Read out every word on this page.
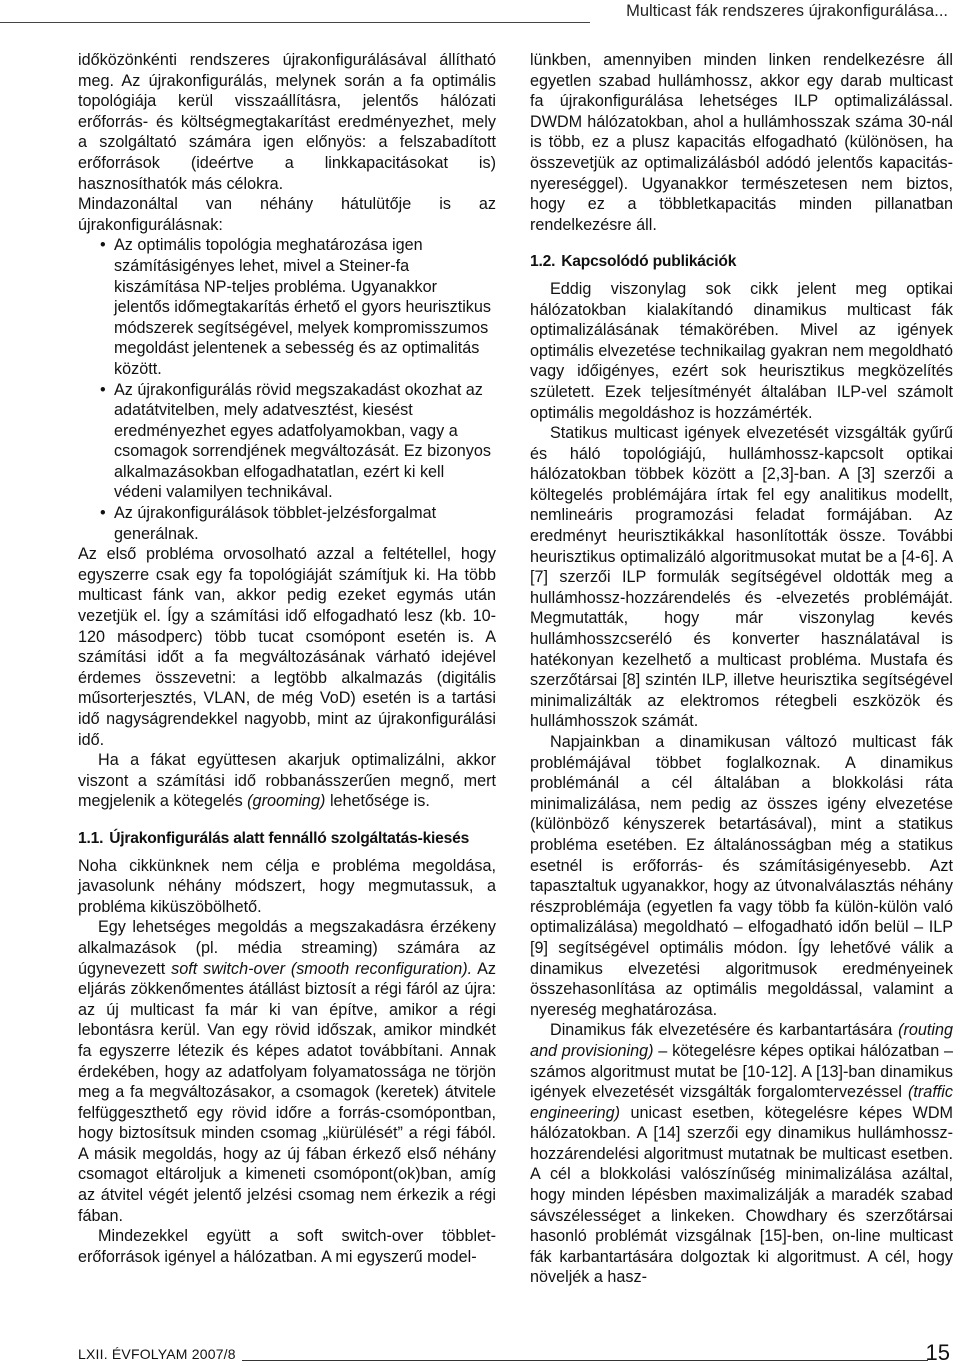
Multicast fák rendszeres újrakonfigurálása...

időközönkénti rendszeres újrakonfigurálásával állítható meg. Az újrakonfigurálás, melynek során a fa optimális topológiája kerül visszaállításra, jelentős hálózati erőforrás- és költségmegtakarítást eredményezhet, mely a szolgáltató számára igen előnyös: a felszabadított erőforrások (ideértve a linkkapacitásokat is) hasznosíthatók más célokra.

Mindazonáltal van néhány hátulütője is az újrakonfigurálásnak:

• Az optimális topológia meghatározása igen számításigényes lehet, mivel a Steiner-fa kiszámítása NP-teljes probléma. Ugyanakkor jelentős időmegtakarítás érhető el gyors heurisztikus módszerek segítségével, melyek kompromisszumos megoldást jelentenek a sebesség és az optimalitás között.
• Az újrakonfigurálás rövid megszakadást okozhat az adatátvitelben, mely adatvesztést, kiesést eredményezhet egyes adatfolyamokban, vagy a csomagok sorrendjének megváltozását. Ez bizonyos alkalmazásokban elfogadhatatlan, ezért ki kell védeni valamilyen technikával.
• Az újrakonfigurálások többlet-jelzésforgalmat generálnak.

Az első probléma orvosolható azzal a feltétellel, hogy egyszerre csak egy fa topológiáját számítjuk ki. Ha több multicast fánk van, akkor pedig ezeket egymás után vezetjük el. Így a számítási idő elfogadható lesz (kb. 10-120 másodperc) több tucat csomópont esetén is. A számítási időt a fa megváltozásának várható idejével érdemes összevetni: a legtöbb alkalmazás (digitális műsorterjesztés, VLAN, de még VoD) esetén is a tartási idő nagyságrendekkel nagyobb, mint az újrakonfigurálási idő.

Ha a fákat együttesen akarjuk optimalizálni, akkor viszont a számítási idő robbanásszerűen megnő, mert megjelenik a kötegelés (grooming) lehetősége is.

1.1. Újrakonfigurálás alatt fennálló szolgáltatás-kiesés

Noha cikkünknek nem célja e probléma megoldása, javasolunk néhány módszert, hogy megmutassuk, a probléma kiküszöbölhető.

Egy lehetséges megoldás a megszakadásra érzékeny alkalmazások (pl. média streaming) számára az úgynevezett soft switch-over (smooth reconfiguration). Az eljárás zökkenőmentes átállást biztosít a régi fáról az újra: az új multicast fa már ki van építve, amikor a régi lebontásra kerül. Van egy rövid időszak, amikor mindkét fa egyszerre létezik és képes adatot továbbítani. Annak érdekében, hogy az adatfolyam folyamatossága ne törjön meg a fa megváltozásakor, a csomagok (keretek) átvitele felfüggeszthető egy rövid időre a forrás-csomópontban, hogy biztosítsuk minden csomag „kiürülését” a régi fából. A másik megoldás, hogy az új fában érkező első néhány csomagot eltároljuk a kimeneti csomópont(ok)ban, amíg az átvitel végét jelentő jelzési csomag nem érkezik a régi fában.

Mindezekkel együtt a soft switch-over többlet-erőforrások igényel a hálózatban. A mi egyszerű model-

lünkben, amennyiben minden linken rendelkezésre áll egyetlen szabad hullámhossz, akkor egy darab multicast fa újrakonfigurálása lehetséges ILP optimalizálással. DWDM hálózatokban, ahol a hullámhosszak száma 30-nál is több, ez a plusz kapacitás elfogadható (különösen, ha összevetjük az optimalizálásból adódó jelentős kapacitás-nyereséggel). Ugyanakkor természetesen nem biztos, hogy ez a többletkapacitás minden pillanatban rendelkezésre áll.

1.2. Kapcsolódó publikációk

Eddig viszonylag sok cikk jelent meg optikai hálózatokban kialakítandó dinamikus multicast fák optimalizálásának témakörében. Mivel az igények optimális elvezetése technikailag gyakran nem megoldható vagy időigényes, ezért sok heurisztikus megközelítés született. Ezek teljesítményét általában ILP-vel számolt optimális megoldáshoz is hozzámérték.

Statikus multicast igények elvezetését vizsgálták gyűrű és háló topológiájú, hullámhossz-kapcsolt optikai hálózatokban többek között a [2,3]-ban. A [3] szerzői a költegelés problémájára írtak fel egy analitikus modellt, nemlineáris programozási feladat formájában. Az eredményt heurisztikákkal hasonlították össze. További heurisztikus optimalizáló algoritmusokat mutat be a [4-6]. A [7] szerzői ILP formulák segítségével oldották meg a hullámhossz-hozzárendelés és -elvezetés problémáját. Megmutatták, hogy már viszonylag kevés hullámhosszcseréló és konverter használatával is hatékonyan kezelhető a multicast probléma. Mustafa és szerzőtársai [8] szintén ILP, illetve heurisztika segítségével minimalizálták az elektromos rétegbeli eszközök és hullámhosszok számát.

Napjainkban a dinamikusan változó multicast fák problémájával többet foglalkoznak. A dinamikus problémánál a cél általában a blokkolási ráta minimalizálása, nem pedig az összes igény elvezetése (különböző kényszerek betartásával), mint a statikus probléma esetében. Ez általánosságban még a statikus esetnél is erőforrás- és számításigényesebb. Azt tapasztaltuk ugyanakkor, hogy az útvonalválasztás néhány részproblémája (egyetlen fa vagy több fa külön-külön való optimalizálása) megoldható – elfogadható időn belül – ILP [9] segítségével optimális módon. Így lehetővé válik a dinamikus elvezetési algoritmusok eredményeinek összehasonlítása az optimális megoldással, valamint a nyereség meghatározása.

Dinamikus fák elvezetésére és karbantartására (routing and provisioning) – kötegelésre képes optikai hálózatban – számos algoritmust mutat be [10-12]. A [13]-ban dinamikus igények elvezetését vizsgálták forgalomtervezéssel (traffic engineering) unicast esetben, kötegelésre képes WDM hálózatokban. A [14] szerzői egy dinamikus hullámhossz-hozzárendelési algoritmust mutatnak be multicast esetben. A cél a blokkolási valószínűség minimalizálása azáltal, hogy minden lépésben maximalizálják a maradék szabad sávszélességet a linkeken. Chowdhary és szerzőtársai hasonló problémát vizsgálnak [15]-ben, on-line multicast fák karbantartására dolgoztak ki algoritmust. A cél, hogy növeljék a hasz-

LXII. ÉVFOLYAM 2007/8	15
